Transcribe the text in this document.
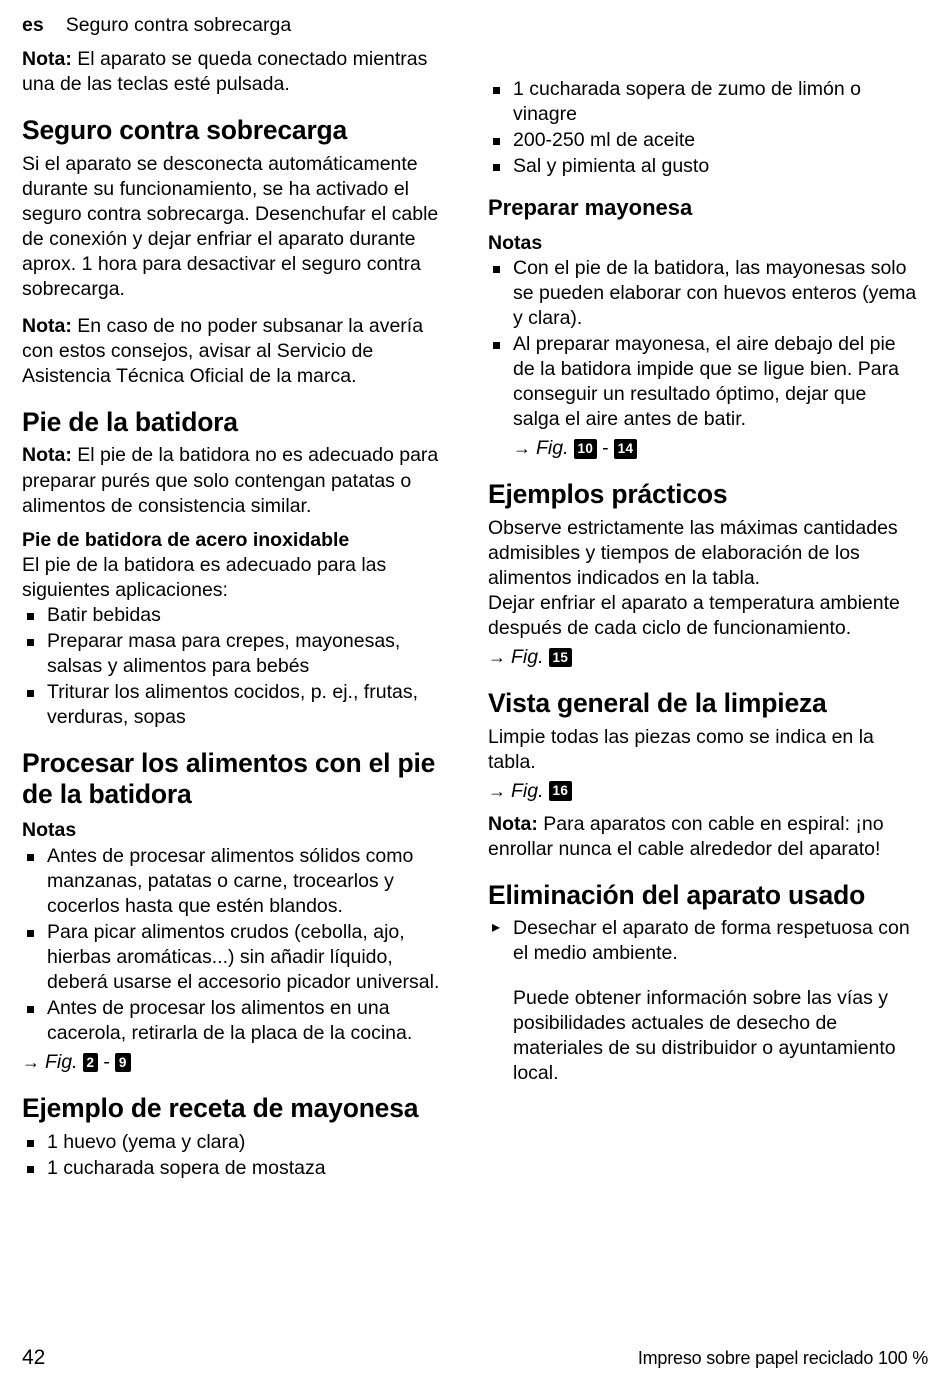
es Seguro contra sobrecarga

Nota: El aparato se queda conectado mientras una de las teclas esté pulsada.

Seguro contra sobrecarga

Si el aparato se desconecta automáticamente durante su funcionamiento, se ha activado el seguro contra sobrecarga. Desenchufar el cable de conexión y dejar enfriar el aparato durante aprox. 1 hora para desactivar el seguro contra sobrecarga.

Nota: En caso de no poder subsanar la avería con estos consejos, avisar al Servicio de Asistencia Técnica Oficial de la marca.

Pie de la batidora

Nota: El pie de la batidora no es adecuado para preparar purés que solo contengan patatas o alimentos de consistencia similar.

Pie de batidora de acero inoxidable

El pie de la batidora es adecuado para las siguientes aplicaciones:

Batir bebidas
Preparar masa para crepes, mayonesas, salsas y alimentos para bebés
Triturar los alimentos cocidos, p. ej., frutas, verduras, sopas
Procesar los alimentos con el pie de la batidora
Notas
Antes de procesar alimentos sólidos como manzanas, patatas o carne, trocearlos y cocerlos hasta que estén blandos.
Para picar alimentos crudos (cebolla, ajo, hierbas aromáticas...) sin añadir líquido, deberá usarse el accesorio picador universal.
Antes de procesar los alimentos en una cacerola, retirarla de la placa de la cocina.

→ Fig. 2 - 9

Ejemplo de receta de mayonesa
1 huevo (yema y clara)
1 cucharada sopera de mostaza
1 cucharada sopera de zumo de limón o vinagre
200-250 ml de aceite
Sal y pimienta al gusto
Preparar mayonesa
Notas
Con el pie de la batidora, las mayonesas solo se pueden elaborar con huevos enteros (yema y clara).
Al preparar mayonesa, el aire debajo del pie de la batidora impide que se ligue bien. Para conseguir un resultado óptimo, dejar que salga el aire antes de batir.

→ Fig. 10 - 14

Ejemplos prácticos

Observe estrictamente las máximas cantidades admisibles y tiempos de elaboración de los alimentos indicados en la tabla.

Dejar enfriar el aparato a temperatura ambiente después de cada ciclo de funcionamiento.

→ Fig. 15

Vista general de la limpieza

Limpie todas las piezas como se indica en la tabla.

→ Fig. 16

Nota: Para aparatos con cable en espiral: ¡no enrollar nunca el cable alrededor del aparato!

Eliminación del aparato usado
▸ Desechar el aparato de forma respetuosa con el medio ambiente.

Puede obtener información sobre las vías y posibilidades actuales de desecho de materiales de su distribuidor o ayuntamiento local.

42	Impreso sobre papel reciclado 100 %
